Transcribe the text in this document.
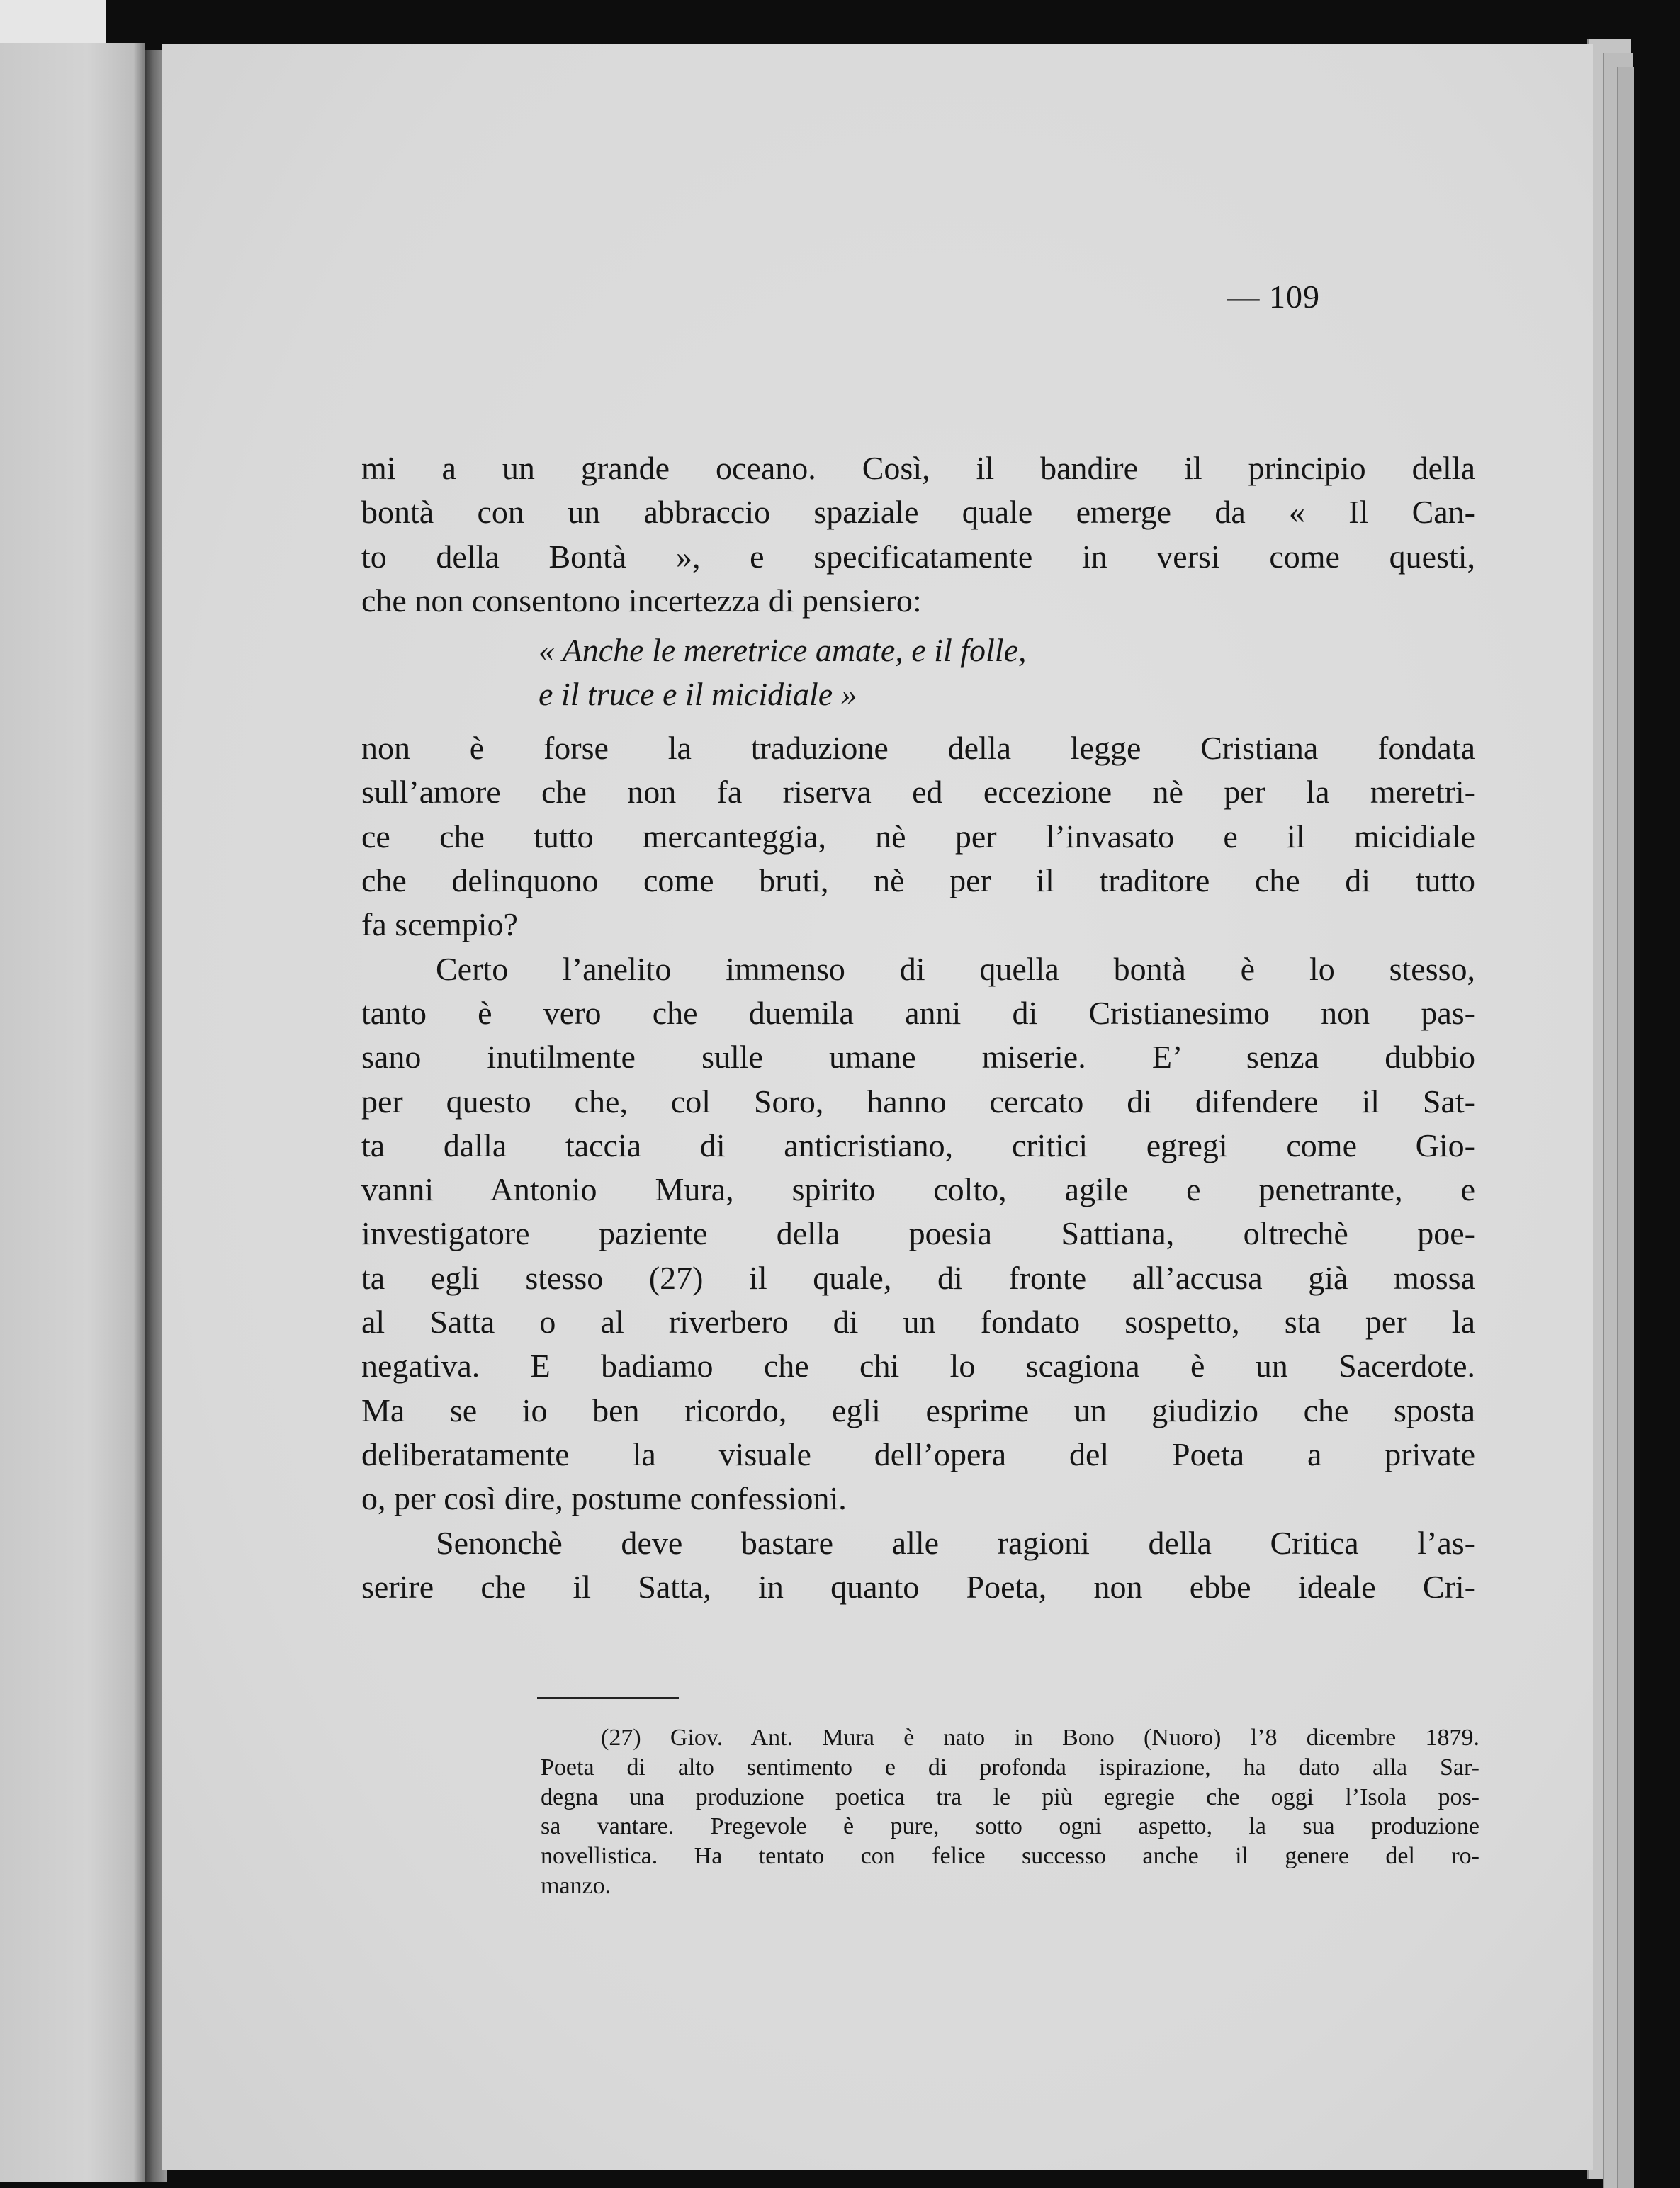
— 109
mi a un grande oceano. Così, il bandire il principio della
bontà con un abbraccio spaziale quale emerge da « Il Can-
to della Bontà », e specificatamente in versi come questi,
che non consentono incertezza di pensiero:
« Anche le meretrice amate, e il folle,
e il truce e il micidiale »
non è forse la traduzione della legge Cristiana fondata
sull’amore che non fa riserva ed eccezione nè per la meretri-
ce che tutto mercanteggia, nè per l’invasato e il micidiale
che delinquono come bruti, nè per il traditore che di tutto
fa scempio?
Certo l’anelito immenso di quella bontà è lo stesso,
tanto è vero che duemila anni di Cristianesimo non pas-
sano inutilmente sulle umane miserie. E’ senza dubbio
per questo che, col Soro, hanno cercato di difendere il Sat-
ta dalla taccia di anticristiano, critici egregi come Gio-
vanni Antonio Mura, spirito colto, agile e penetrante, e
investigatore paziente della poesia Sattiana, oltrechè poe-
ta egli stesso (27) il quale, di fronte all’accusa già mossa
al Satta o al riverbero di un fondato sospetto, sta per la
negativa. E badiamo che chi lo scagiona è un Sacerdote.
Ma se io ben ricordo, egli esprime un giudizio che sposta
deliberatamente la visuale dell’opera del Poeta a private
o, per così dire, postume confessioni.
Senonchè deve bastare alle ragioni della Critica l’as-
serire che il Satta, in quanto Poeta, non ebbe ideale Cri-
(27) Giov. Ant. Mura è nato in Bono (Nuoro) l’8 dicembre 1879.
Poeta di alto sentimento e di profonda ispirazione, ha dato alla Sar-
degna una produzione poetica tra le più egregie che oggi l’Isola pos-
sa vantare. Pregevole è pure, sotto ogni aspetto, la sua produzione
novellistica. Ha tentato con felice successo anche il genere del ro-
manzo.
